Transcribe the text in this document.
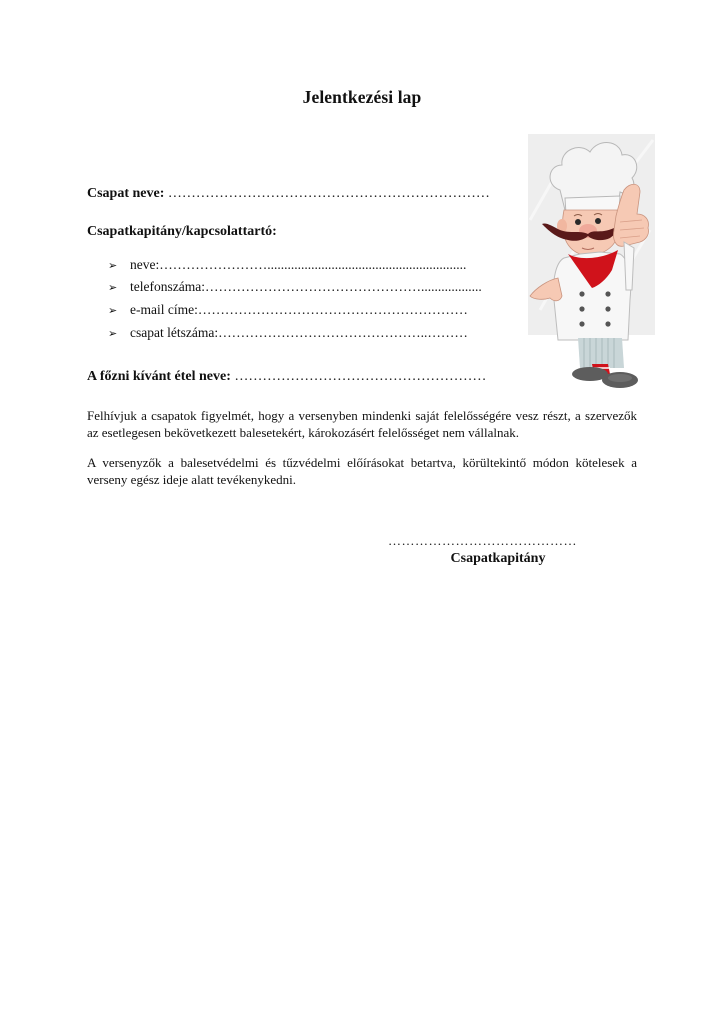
Jelentkezési lap
Csapat neve: ……………………………………………………………
Csapatkapitány/kapcsolattartó:
➢ neve:……………………...........................................................
➢ telefonszáma:…………………………………………..................
➢ e-mail címe:……………………………………………………
➢ csapat létszáma:………………………………………..………
A főzni kívánt étel neve: ………………………………………………
Felhívjuk a csapatok figyelmét, hogy a versenyben mindenki saját felelősségére vesz részt, a szervezők az esetlegesen bekövetkezett balesetekért, károkozásért felelősséget nem vállalnak.
A versenyzők a balesetvédelmi és tűzvédelmi előírásokat betartva, körültekintő módon kötelesek a verseny egész ideje alatt tevékenykedni.
……………………………………
Csapatkapitány
